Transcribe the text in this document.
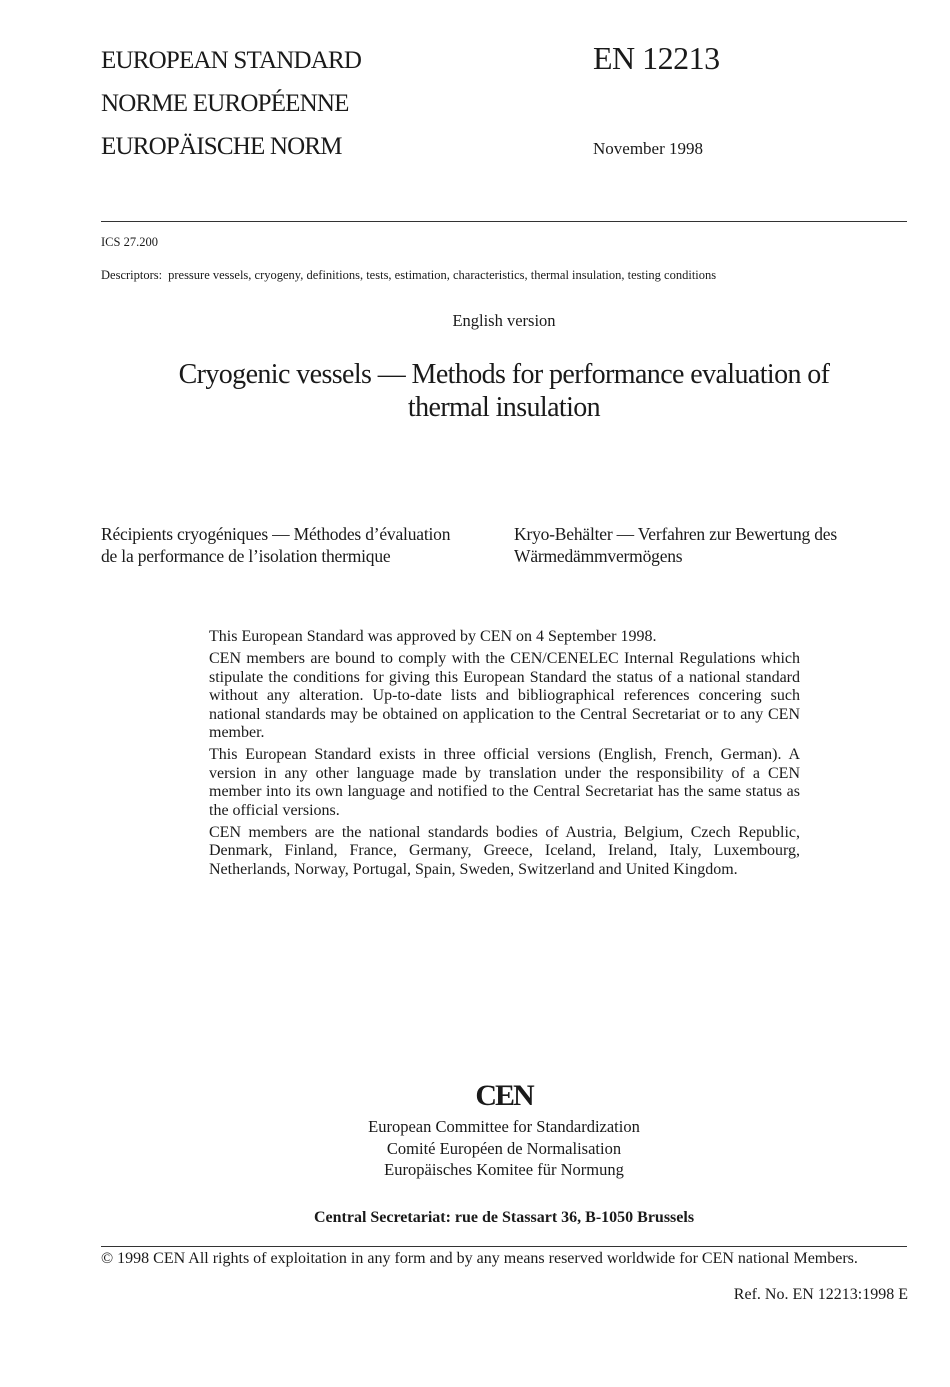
EUROPEAN STANDARD
NORME EUROPÉENNE
EUROPÄISCHE NORM
EN 12213
November 1998
ICS 27.200
Descriptors: pressure vessels, cryogeny, definitions, tests, estimation, characteristics, thermal insulation, testing conditions
English version
Cryogenic vessels — Methods for performance evaluation of
thermal insulation
Récipients cryogéniques — Méthodes d’évaluation
de la performance de l’isolation thermique
Kryo-Behälter — Verfahren zur Bewertung des
Wärmedämmvermögens

This European Standard was approved by CEN on 4 September 1998.

CEN members are bound to comply with the CEN/CENELEC Internal Regulations which stipulate the conditions for giving this European Standard the status of a national standard without any alteration. Up-to-date lists and bibliographical references concering such national standards may be obtained on application to the Central Secretariat or to any CEN member.

This European Standard exists in three official versions (English, French, German). A version in any other language made by translation under the responsibility of a CEN member into its own language and notified to the Central Secretariat has the same status as the official versions.

CEN members are the national standards bodies of Austria, Belgium, Czech Republic, Denmark, Finland, France, Germany, Greece, Iceland, Ireland, Italy, Luxembourg, Netherlands, Norway, Portugal, Spain, Sweden, Switzerland and United Kingdom.

CEN
European Committee for Standardization
Comité Européen de Normalisation
Europäisches Komitee für Normung
Central Secretariat: rue de Stassart 36, B-1050 Brussels
© 1998 CEN All rights of exploitation in any form and by any means reserved worldwide for CEN national Members.
Ref. No. EN 12213:1998 E
